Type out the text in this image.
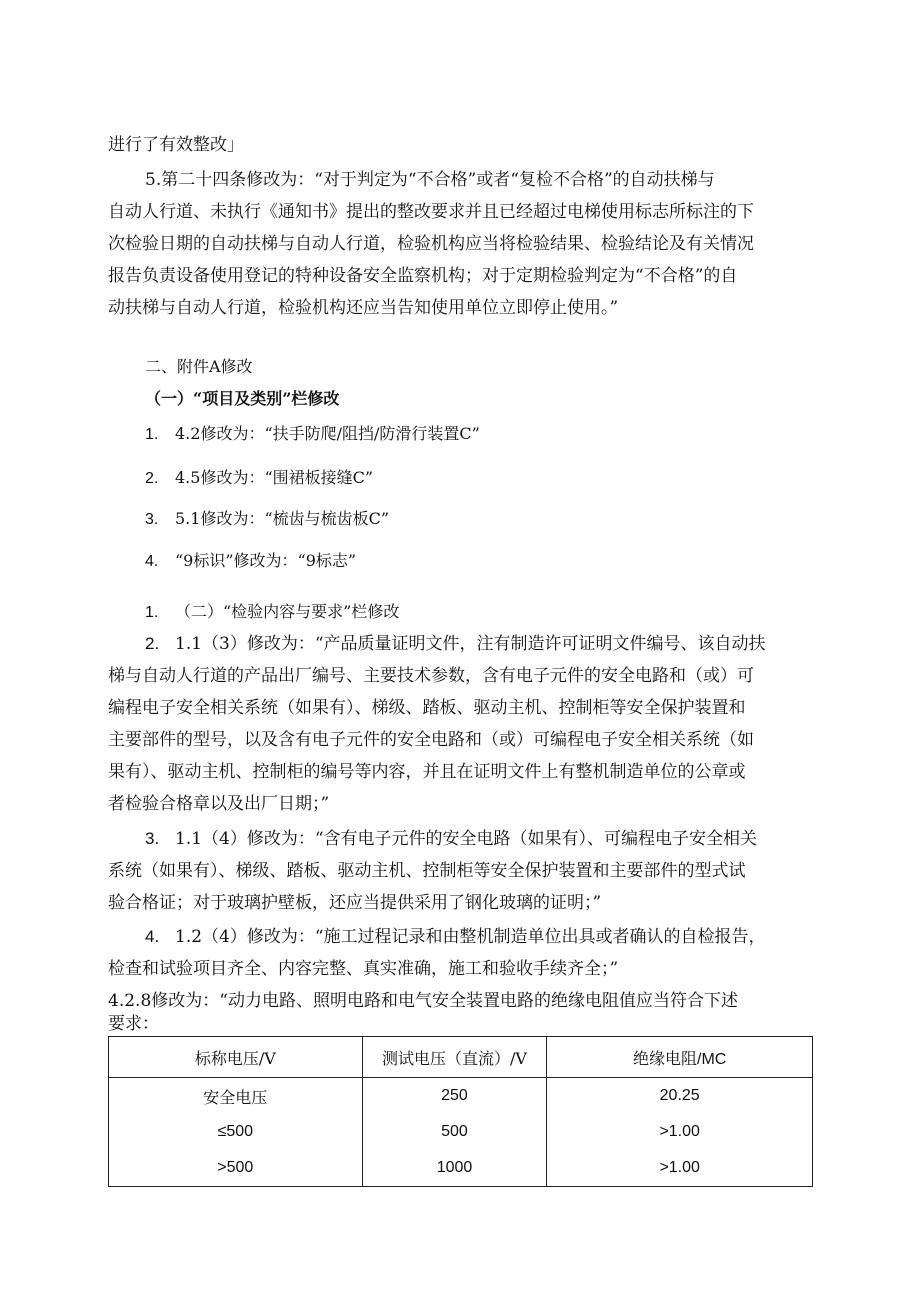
进行了有效整改」
5.第二十四条修改为：“对于判定为“不合格”或者“复检不合格”的自动扶梯与
自动人行道、未执行《通知书》提出的整改要求并且已经超过电梯使用标志所标注的下
次检验日期的自动扶梯与自动人行道，检验机构应当将检验结果、检验结论及有关情况
报告负责设备使用登记的特种设备安全监察机构；对于定期检验判定为“不合格”的自
动扶梯与自动人行道，检验机构还应当告知使用单位立即停止使用。”
二、附件A修改
（一）“项目及类别”栏修改
1. 4.2修改为：“扶手防爬/阻挡/防滑行装置C”
2. 4.5修改为：“围裙板接缝C”
3. 5.1修改为：“梳齿与梳齿板C”
4. “9标识”修改为：“9标志”
1. （二）“检验内容与要求”栏修改
2. 1.1（3）修改为：“产品质量证明文件，注有制造许可证明文件编号、该自动扶
梯与自动人行道的产品出厂编号、主要技术参数，含有电子元件的安全电路和（或）可
编程电子安全相关系统（如果有）、梯级、踏板、驱动主机、控制柜等安全保护装置和
主要部件的型号，以及含有电子元件的安全电路和（或）可编程电子安全相关系统（如
果有）、驱动主机、控制柜的编号等内容，并且在证明文件上有整机制造单位的公章或
者检验合格章以及出厂日期；”
3. 1.1（4）修改为：“含有电子元件的安全电路（如果有）、可编程电子安全相关
系统（如果有）、梯级、踏板、驱动主机、控制柜等安全保护装置和主要部件的型式试
验合格证；对于玻璃护壁板，还应当提供采用了钢化玻璃的证明；”
4. 1.2（4）修改为：“施工过程记录和由整机制造单位出具或者确认的自检报告，
检查和试验项目齐全、内容完整、真实准确，施工和验收手续齐全；”
4.2.8修改为：“动力电路、照明电路和电气安全装置电路的绝缘电阻值应当符合下述
要求：
标称电压/V	测试电压（直流）/V	绝缘电阻/MC
安全电压	250	20.25
≤500	500	>1.00
>500	1000	>1.00
